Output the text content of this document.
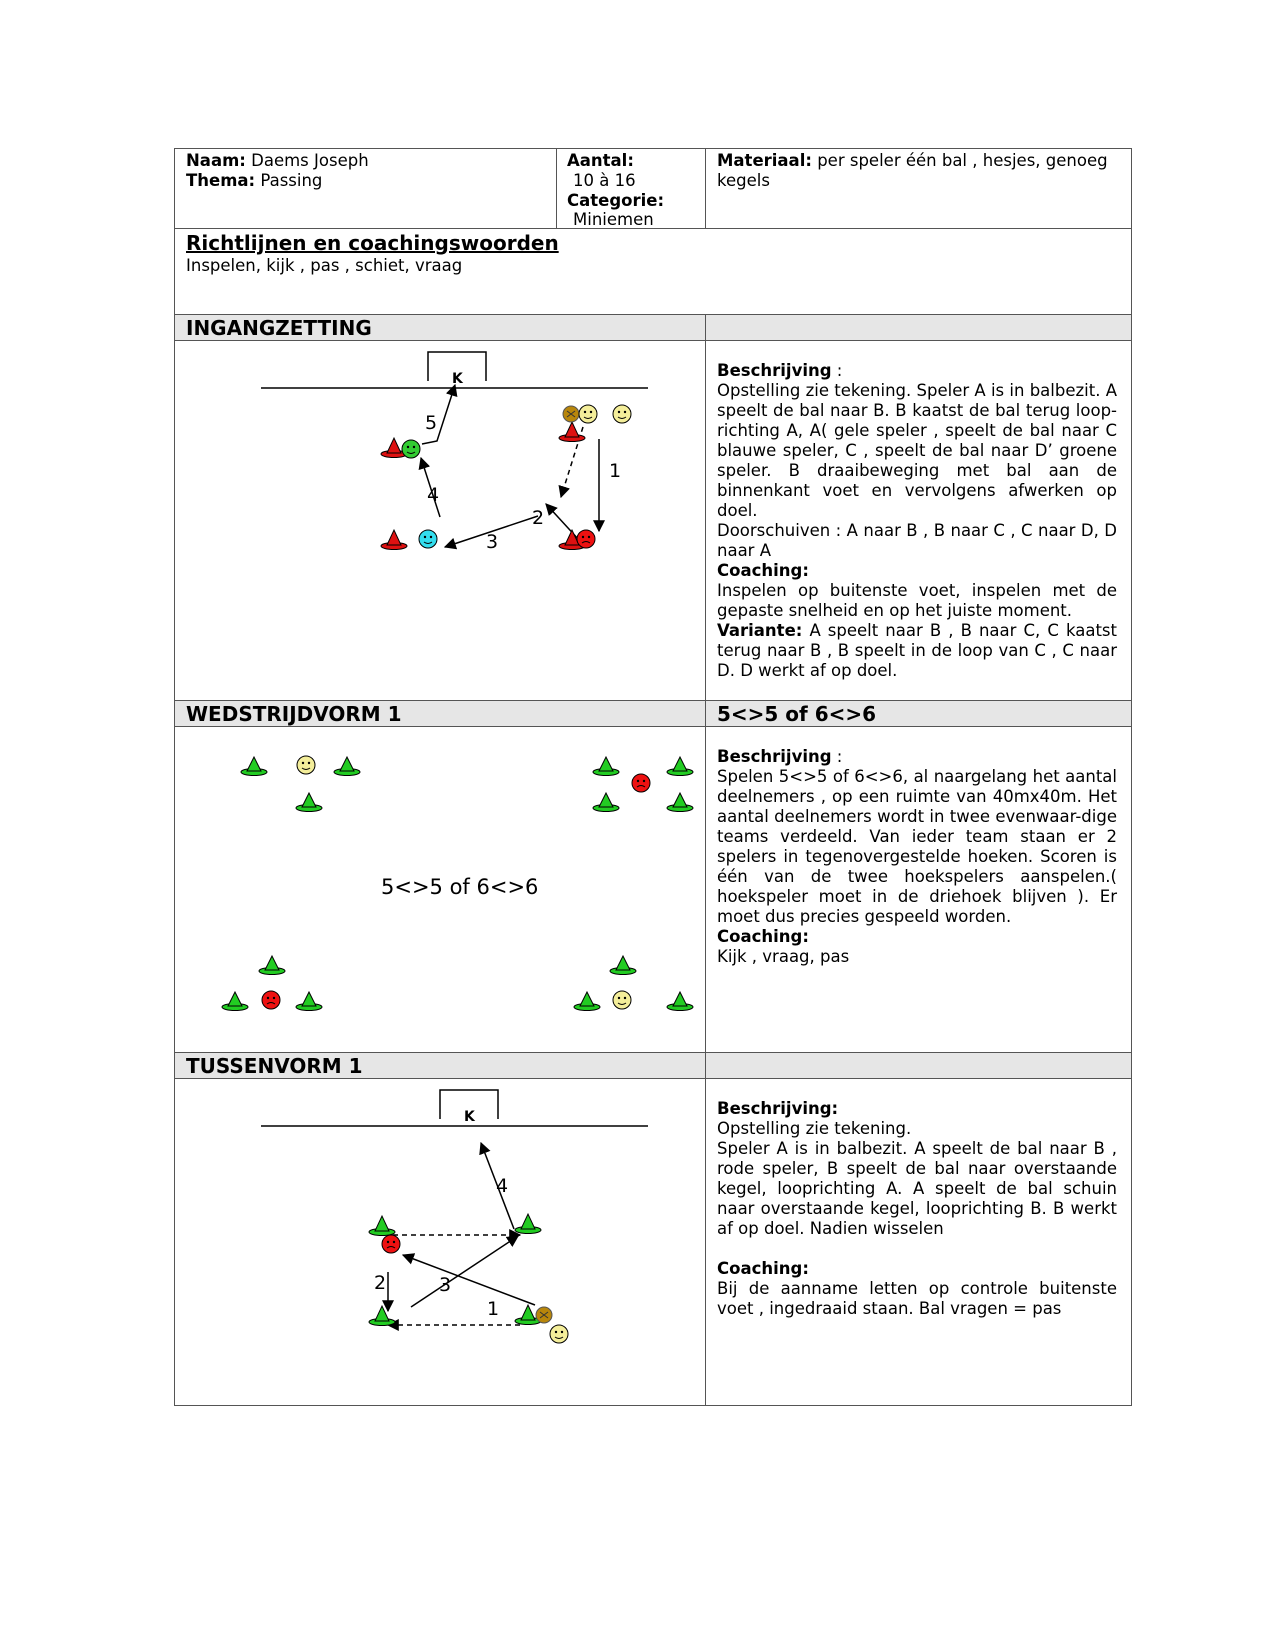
Naam: Daems Joseph
Thema: Passing
Aantal:
10 à 16
Categorie:
Miniemen
Materiaal: per speler één bal , hesjes, genoeg kegels
Richtlijnen en coachingswoorden
Inspelen, kijk , pas , schiet, vraag
INGANGZETTING
K
1
2
3
4
5
Beschrijving :
Opstelling zie tekening. Speler A is in balbezit. A speelt de bal naar B. B kaatst de bal terug loop-richting A, A( gele speler , speelt de bal naar C blauwe speler, C , speelt de bal naar D’ groene speler. B draaibeweging met bal aan de binnenkant voet en vervolgens afwerken op doel.
Doorschuiven : A naar B , B naar C , C naar D, D naar A
Coaching:
Inspelen op buitenste voet, inspelen met de gepaste snelheid en op het juiste moment.
Variante: A speelt naar B , B naar C, C kaatst terug naar B , B speelt in de loop van C , C naar D. D werkt af op doel.
WEDSTRIJDVORM 1	5<>5 of 6<>6
5<>5 of 6<>6
Beschrijving :
Spelen 5<>5 of 6<>6, al naargelang het aantal deelnemers , op een ruimte van 40mx40m. Het aantal deelnemers wordt in twee evenwaar-dige teams verdeeld. Van ieder team staan er 2 spelers in tegenovergestelde hoeken. Scoren is één van de twee hoekspelers aanspelen.( hoekspeler moet in de driehoek blijven ). Er moet dus precies gespeeld worden.
Coaching:
Kijk , vraag, pas
TUSSENVORM 1
K
1
2	3
4
Beschrijving:
Opstelling zie tekening.
Speler A is in balbezit. A speelt de bal naar B , rode speler, B speelt de bal naar overstaande kegel, looprichting A. A speelt de bal schuin naar overstaande kegel, looprichting B. B werkt af op doel. Nadien wisselen

Coaching:
Bij de aanname letten op controle buitenste voet , ingedraaid staan. Bal vragen = pas
